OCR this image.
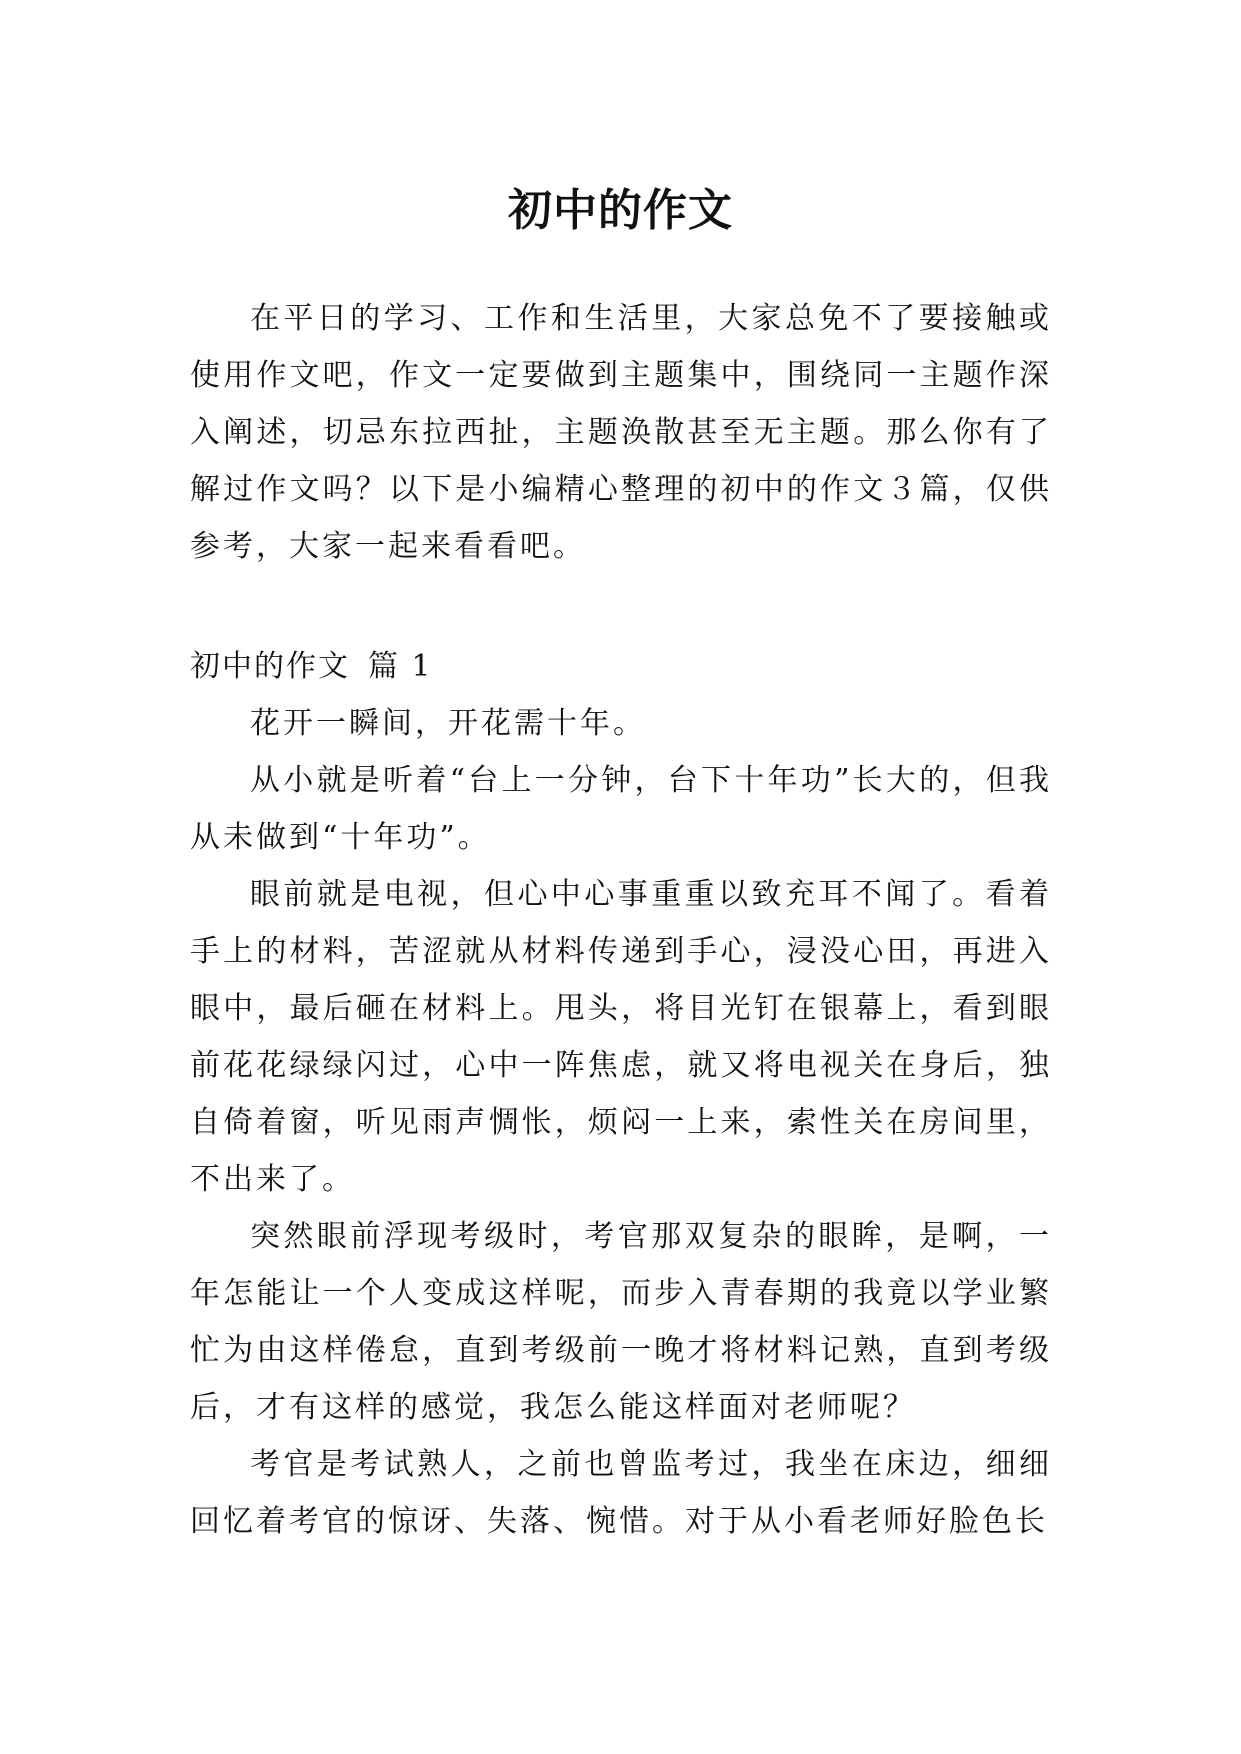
初中的作文

在平日的学习、工作和生活里，大家总免不了要接触或使用作文吧，作文一定要做到主题集中，围绕同一主题作深入阐述，切忌东拉西扯，主题涣散甚至无主题。那么你有了解过作文吗？以下是小编精心整理的初中的作文３篇，仅供参考，大家一起来看看吧。

初中的作文 篇 1

花开一瞬间，开花需十年。

从小就是听着“台上一分钟，台下十年功”长大的，但我从未做到“十年功”。

眼前就是电视，但心中心事重重以致充耳不闻了。看着手上的材料，苦涩就从材料传递到手心，浸没心田，再进入眼中，最后砸在材料上。甩头，将目光钉在银幕上，看到眼前花花绿绿闪过，心中一阵焦虑，就又将电视关在身后，独自倚着窗，听见雨声惆怅，烦闷一上来，索性关在房间里，不出来了。

突然眼前浮现考级时，考官那双复杂的眼眸，是啊，一年怎能让一个人变成这样呢，而步入青春期的我竟以学业繁忙为由这样倦怠，直到考级前一晚才将材料记熟，直到考级后，才有这样的感觉，我怎么能这样面对老师呢？

考官是考试熟人，之前也曾监考过，我坐在床边，细细回忆着考官的惊讶、失落、惋惜。对于从小看老师好脸色长
